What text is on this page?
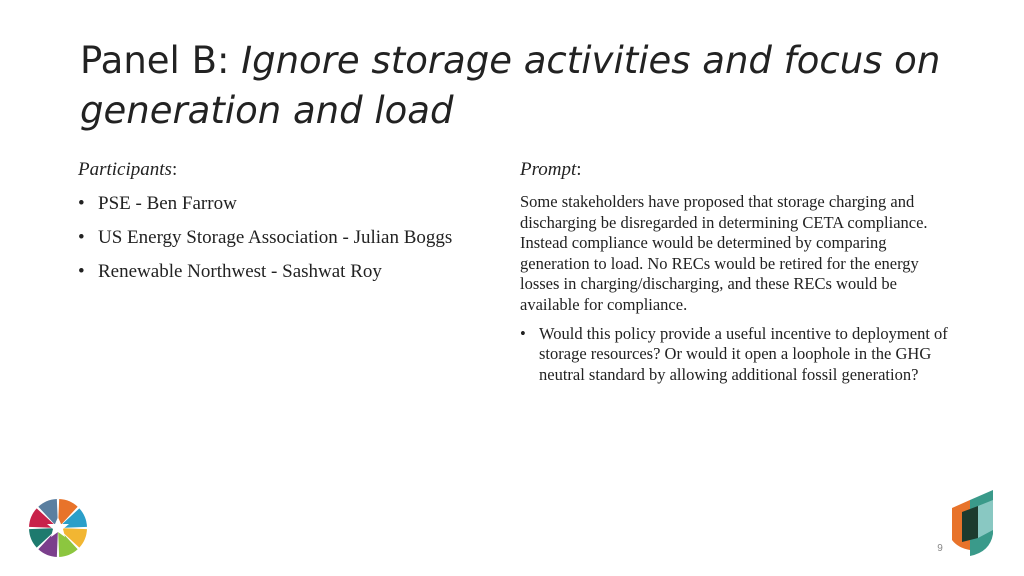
Panel B: Ignore storage activities and focus on generation and load
Participants:
• PSE - Ben Farrow
• US Energy Storage Association - Julian Boggs
• Renewable Northwest - Sashwat Roy
Prompt:
Some stakeholders have proposed that storage charging and discharging be disregarded in determining CETA compliance. Instead compliance would be determined by comparing generation to load. No RECs would be retired for the energy losses in charging/discharging, and these RECs would be available for compliance.
• Would this policy provide a useful incentive to deployment of storage resources? Or would it open a loophole in the GHG neutral standard by allowing additional fossil generation?
9
